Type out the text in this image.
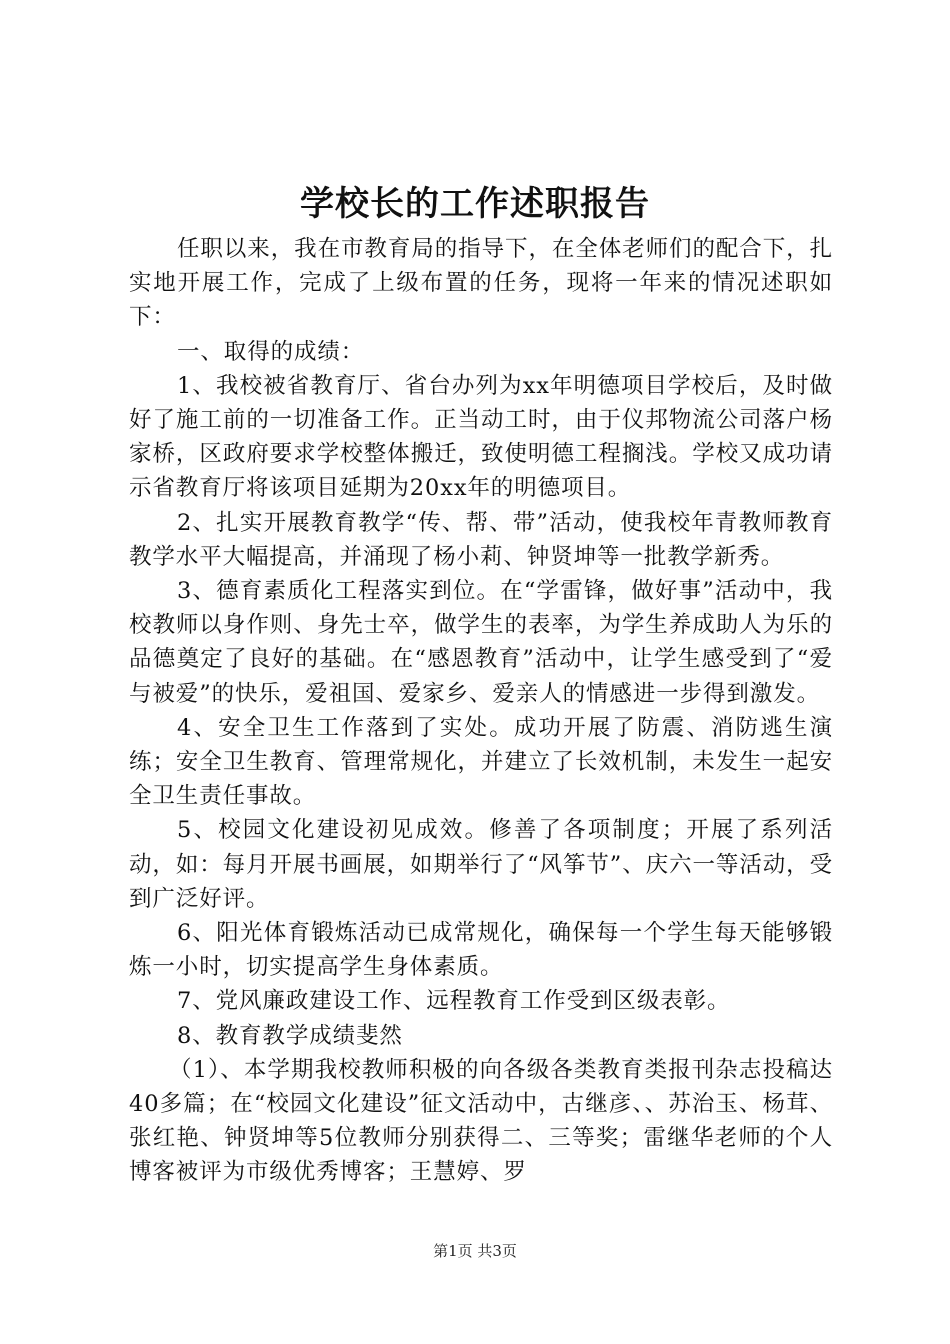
学校长的工作述职报告

任职以来，我在市教育局的指导下，在全体老师们的配合下，扎实地开展工作，完成了上级布置的任务，现将一年来的情况述职如下：

一、取得的成绩：

1、我校被省教育厅、省台办列为xx年明德项目学校后，及时做好了施工前的一切准备工作。正当动工时，由于仪邦物流公司落户杨家桥，区政府要求学校整体搬迁，致使明德工程搁浅。学校又成功请示省教育厅将该项目延期为20xx年的明德项目。

2、扎实开展教育教学“传、帮、带”活动，使我校年青教师教育教学水平大幅提高，并涌现了杨小莉、钟贤坤等一批教学新秀。

3、德育素质化工程落实到位。在“学雷锋，做好事”活动中，我校教师以身作则、身先士卒，做学生的表率，为学生养成助人为乐的品德奠定了良好的基础。在“感恩教育”活动中，让学生感受到了“爱与被爱”的快乐，爱祖国、爱家乡、爱亲人的情感进一步得到激发。

4、安全卫生工作落到了实处。成功开展了防震、消防逃生演练；安全卫生教育、管理常规化，并建立了长效机制，未发生一起安全卫生责任事故。

5、校园文化建设初见成效。修善了各项制度；开展了系列活动，如：每月开展书画展，如期举行了“风筝节”、庆六一等活动，受到广泛好评。

6、阳光体育锻炼活动已成常规化，确保每一个学生每天能够锻炼一小时，切实提高学生身体素质。

7、党风廉政建设工作、远程教育工作受到区级表彰。

8、教育教学成绩斐然

（1）、本学期我校教师积极的向各级各类教育类报刊杂志投稿达40多篇；在“校园文化建设”征文活动中，古继彦、、苏治玉、杨茸、张红艳、钟贤坤等5位教师分别获得二、三等奖；雷继华老师的个人博客被评为市级优秀博客；王慧婷、罗

第1页 共3页
